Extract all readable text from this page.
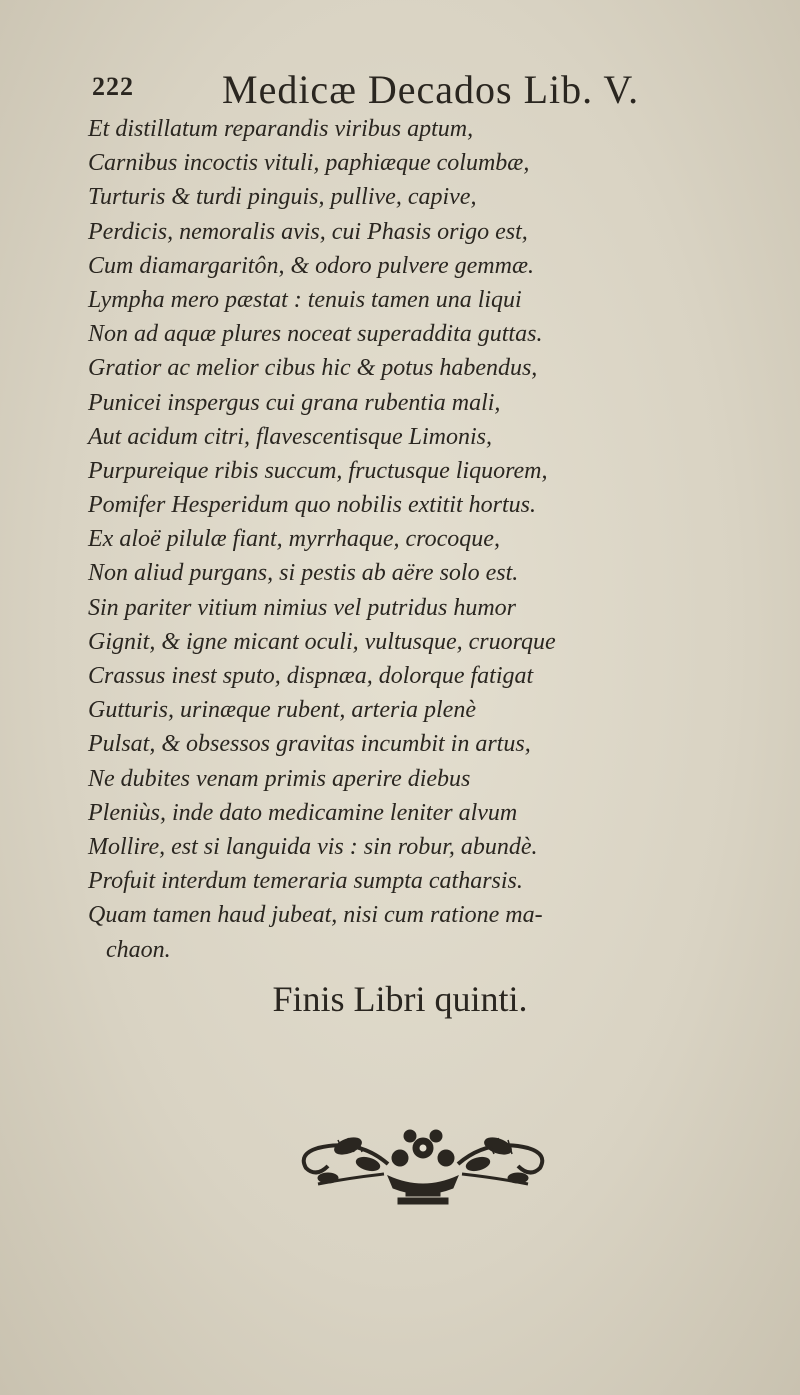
222 Medicæ Decados Lib. V.
Et distillatum reparandis viribus aptum,
Carnibus incoctis vituli, paphiæque columbæ,
Turturis & turdi pinguis, pullive, capive,
Perdicis, nemoralis avis, cui Phasis origo est,
Cum diamargaritôn, & odoro pulvere gemmæ.
Lympha mero pæstat : tenuis tamen una liqui
Non ad aquæ plures noceat superaddita guttas.
Gratior ac melior cibus hic & potus habendus,
Punicei inspergus cui grana rubentia mali,
Aut acidum citri, flavescentisque Limonis,
Purpureique ribis succum, fructusque liquorem,
Pomifer Hesperidum quo nobilis extitit hortus.
Ex aloë pilulæ fiant, myrrhaque, crocoque,
Non aliud purgans, si pestis ab aëre solo est.
Sin pariter vitium nimius vel putridus humor
Gignit, & igne micant oculi, vultusque, cruorque
Crassus inest sputo, dispnæa, dolorque fatigat
Gutturis, urinæque rubent, arteria plenè
Pulsat, & obsessos gravitas incumbit in artus,
Ne dubites venam primis aperire diebus
Pleniùs, inde dato medicamine leniter alvum
Mollire, est si languida vis : sin robur, abundè.
Profuit interdum temeraria sumpta catharsis.
Quam tamen haud jubeat, nisi cum ratione ma-
chaon.
Finis Libri quinti.
